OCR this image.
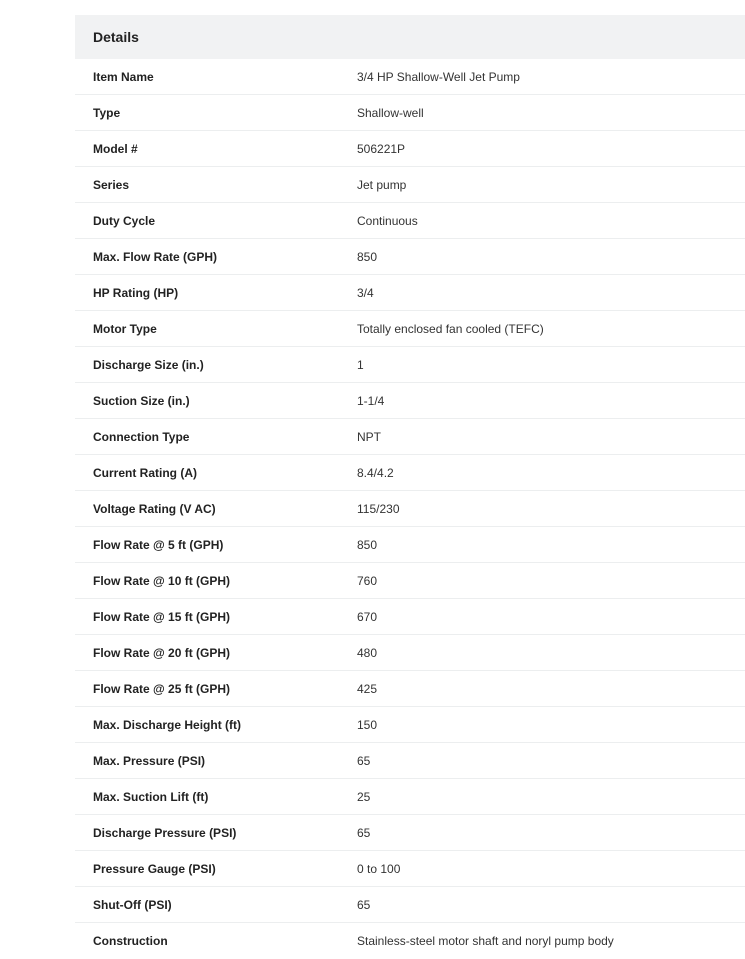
Details
Item Name	3/4 HP Shallow-Well Jet Pump
Type	Shallow-well
Model #	506221P
Series	Jet pump
Duty Cycle	Continuous
Max. Flow Rate (GPH)	850
HP Rating (HP)	3/4
Motor Type	Totally enclosed fan cooled (TEFC)
Discharge Size (in.)	1
Suction Size (in.)	1-1/4
Connection Type	NPT
Current Rating (A)	8.4/4.2
Voltage Rating (V AC)	115/230
Flow Rate @ 5 ft (GPH)	850
Flow Rate @ 10 ft (GPH)	760
Flow Rate @ 15 ft (GPH)	670
Flow Rate @ 20 ft (GPH)	480
Flow Rate @ 25 ft (GPH)	425
Max. Discharge Height (ft)	150
Max. Pressure (PSI)	65
Max. Suction Lift (ft)	25
Discharge Pressure (PSI)	65
Pressure Gauge (PSI)	0 to 100
Shut-Off (PSI)	65
Construction	Stainless-steel motor shaft and noryl pump body
